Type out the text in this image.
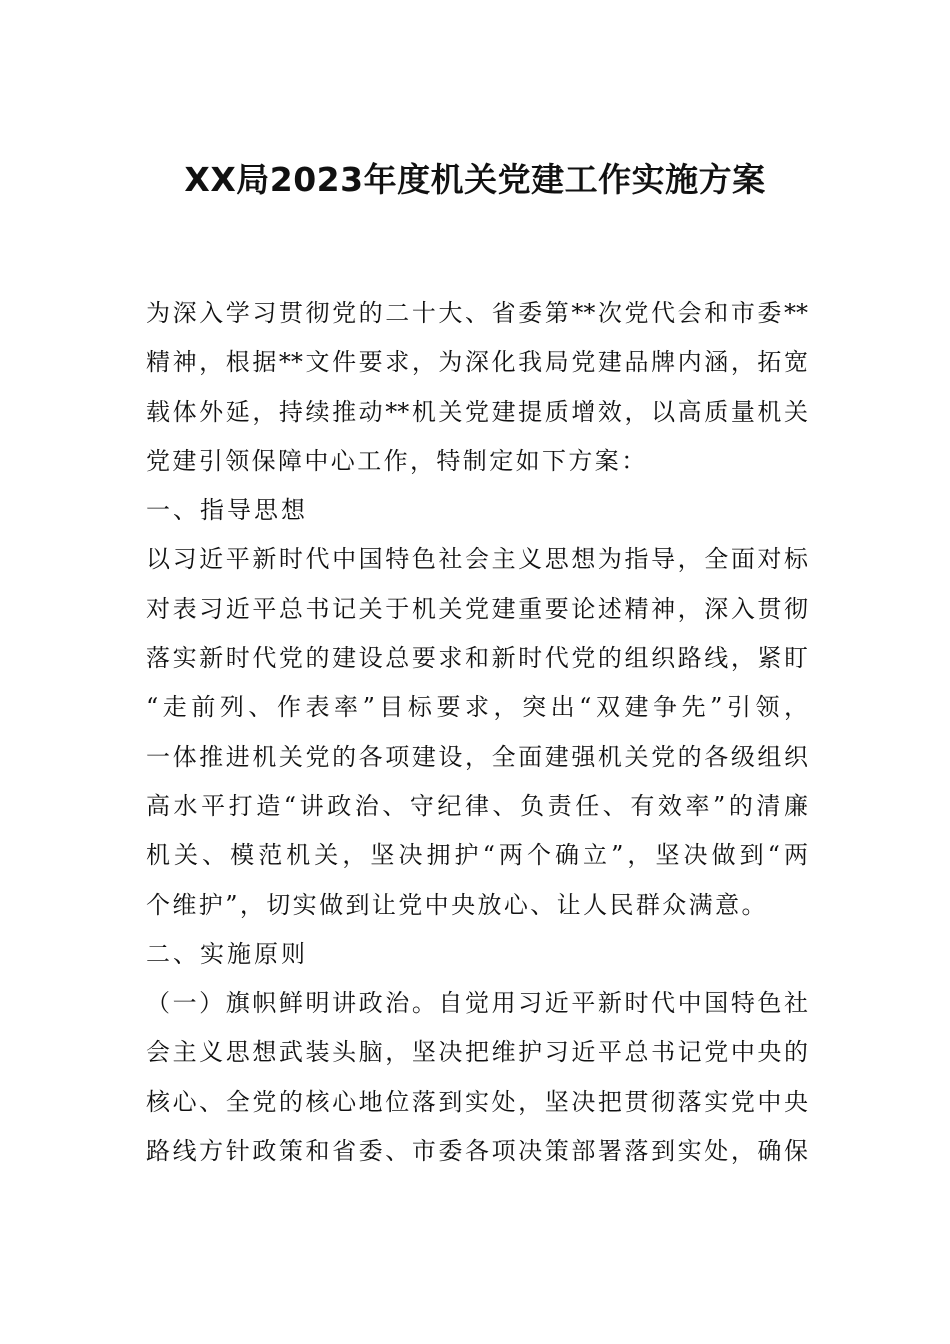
XX局2023年度机关党建工作实施方案
为深入学习贯彻党的二十大、省委第**次党代会和市委**
精神，根据**文件要求，为深化我局党建品牌内涵，拓宽
载体外延，持续推动**机关党建提质增效，以高质量机关
党建引领保障中心工作，特制定如下方案：
一、指导思想
以习近平新时代中国特色社会主义思想为指导，全面对标
对表习近平总书记关于机关党建重要论述精神，深入贯彻
落实新时代党的建设总要求和新时代党的组织路线，紧盯
“走前列、作表率”目标要求，突出“双建争先”引领，
一体推进机关党的各项建设，全面建强机关党的各级组织
高水平打造“讲政治、守纪律、负责任、有效率”的清廉
机关、模范机关，坚决拥护“两个确立”，坚决做到“两
个维护”，切实做到让党中央放心、让人民群众满意。
二、实施原则
（一）旗帜鲜明讲政治。自觉用习近平新时代中国特色社
会主义思想武装头脑，坚决把维护习近平总书记党中央的
核心、全党的核心地位落到实处，坚决把贯彻落实党中央
路线方针政策和省委、市委各项决策部署落到实处，确保
